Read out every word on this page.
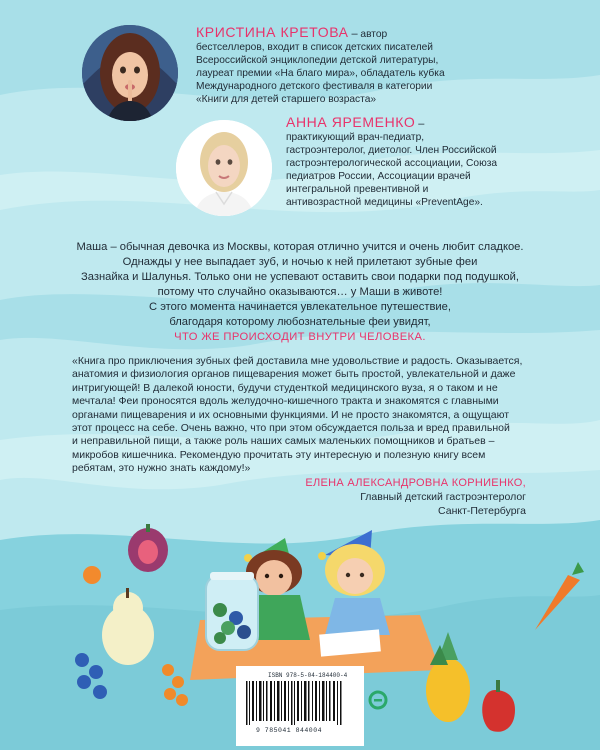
КРИСТИНА КРЕТОВА – автор
бестселлеров, входит в список детских писателей
Всероссийской энциклопедии детской литературы,
лауреат премии «На благо мира», обладатель кубка
Международного детского фестиваля в категории
«Книги для детей старшего возраста»
АННА ЯРЕМЕНКО –
практикующий врач-педиатр,
гастроэнтеролог, диетолог. Член Российской
гастроэнтерологической ассоциации, Союза
педиатров России, Ассоциации врачей
интегральной превентивной и
антивозрастной медицины «PreventAge».
Маша – обычная девочка из Москвы, которая отлично учится и очень любит сладкое.
Однажды у нее выпадает зуб, и ночью к ней прилетают зубные феи
Зазнайка и Шалунья. Только они не успевают оставить свои подарки под подушкой,
потому что случайно оказываются… у Маши в животе!
С этого момента начинается увлекательное путешествие,
благодаря которому любознательные феи увидят,
ЧТО ЖЕ ПРОИСХОДИТ ВНУТРИ ЧЕЛОВЕКА.
«Книга про приключения зубных фей доставила мне удовольствие и радость. Оказывается,
анатомия и физиология органов пищеварения может быть простой, увлекательной и даже
интригующей! В далекой юности, будучи студенткой медицинского вуза, я о таком и не
мечтала! Феи проносятся вдоль желудочно-кишечного тракта и знакомятся с главными
органами пищеварения и их основными функциями. И не просто знакомятся, а ощущают
этот процесс на себе. Очень важно, что при этом обсуждается польза и вред правильной
и неправильной пищи, а также роль наших самых маленьких помощников и братьев –
микробов кишечника. Рекомендую прочитать эту интересную и полезную книгу всем
ребятам, это нужно знать каждому!»
ЕЛЕНА АЛЕКСАНДРОВНА КОРНИЕНКО,
Главный детский гастроэнтеролог
Санкт-Петербурга
ISBN 978-5-04-184400-4
9 785041 844004
